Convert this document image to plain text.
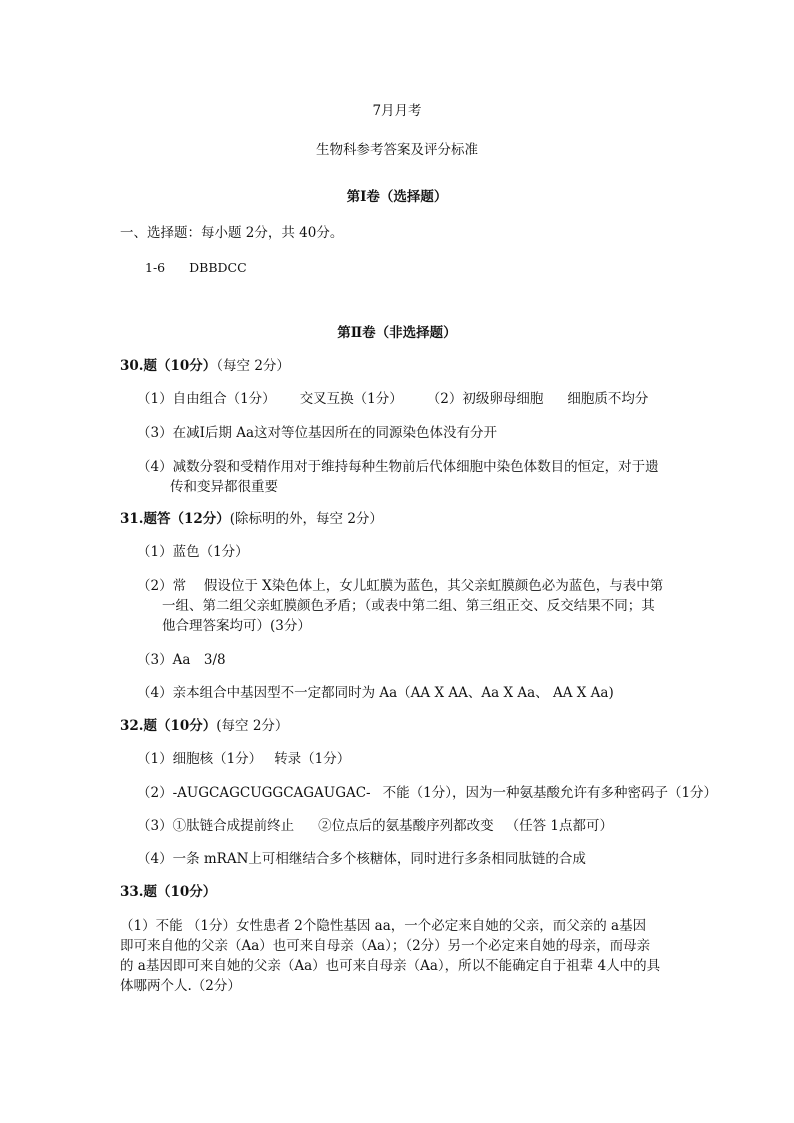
7月月考
生物科参考答案及评分标准
第Ⅰ卷（选择题）
一、选择题：每小题 2分，共 40分。
1-6 DBBDCC
第Ⅱ卷（非选择题）
30.题（10分）（每空 2分）
（1）自由组合（1分） 交叉互换（1分） （2）初级卵母细胞 细胞质不均分
（3）在减Ⅰ后期 Aa这对等位基因所在的同源染色体没有分开
（4）减数分裂和受精作用对于维持每种生物前后代体细胞中染色体数目的恒定，对于遗
传和变异都很重要
31.题答（12分）(除标明的外，每空 2分）
（1）蓝色（1分）
（2）常　 假设位于 X染色体上，女儿虹膜为蓝色，其父亲虹膜颜色必为蓝色，与表中第
一组、第二组父亲虹膜颜色矛盾；（或表中第二组、第三组正交、反交结果不同；其
他合理答案均可）(3分）
（3）Aa　3/8
（4）亲本组合中基因型不一定都同时为 Aa（AA X AA、Aa X Aa、 AA X Aa)
32.题（10分）(每空 2分）
（1）细胞核（1分） 转录（1分）
（2）-AUGCAGCUGGCAGAUGAC- 不能（1分），因为一种氨基酸允许有多种密码子（1分）
（3）①肽链合成提前终止 ②位点后的氨基酸序列都改变 （任答 1点都可）
（4）一条 mRAN上可相继结合多个核糖体，同时进行多条相同肽链的合成
33.题（10分）
（1）不能 （1分）女性患者 2个隐性基因 aa，一个必定来自她的父亲，而父亲的 a基因
即可来自他的父亲（Aa）也可来自母亲（Aa）；（2分）另一个必定来自她的母亲，而母亲
的 a基因即可来自她的父亲（Aa）也可来自母亲（Aa），所以不能确定自于祖辈 4人中的具
体哪两个人.（2分）
